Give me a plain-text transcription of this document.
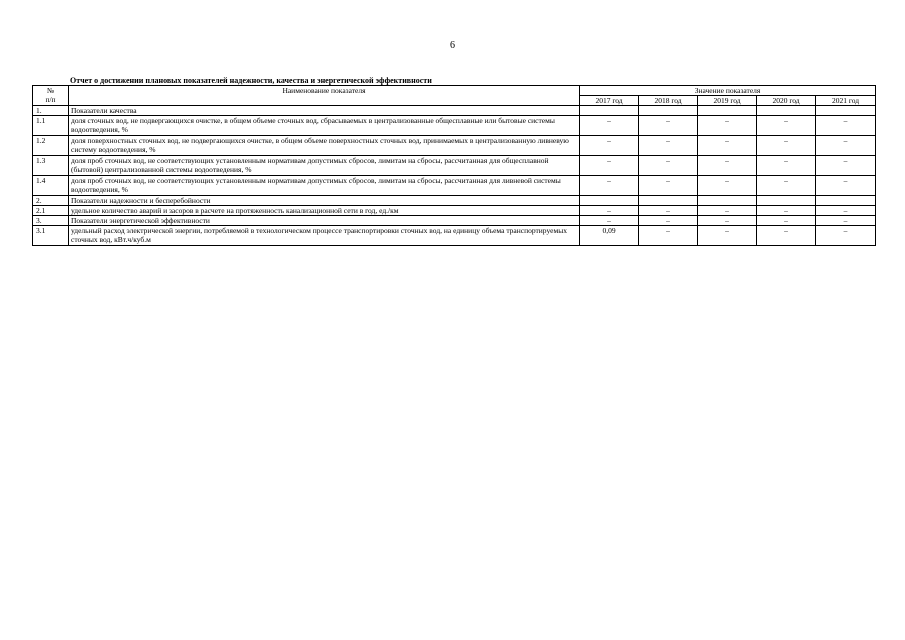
6
Отчет о достижении плановых показателей надежности, качества и энергетической эффективности
№
п/п	Наименование показателя	Значение показателя				
		2017 год	2018 год	2019 год	2020 год	2021 год
1.	Показатели качества					
1.1	доля сточных вод, не подвергающихся очистке, в общем объеме сточных вод, сбрасываемых в централизованные общесплавные или бытовые системы водоотведения, %	–	–	–	–	–
1.2	доля поверхностных сточных вод, не подвергающихся очистке, в общем объеме поверхностных сточных вод, принимаемых в централизованную ливневую систему водоотведения, %	–	–	–	–	–
1.3	доля проб сточных вод, не соответствующих установленным нормативам допустимых сбросов, лимитам на сбросы, рассчитанная для общесплавной (бытовой) централизованной системы водоотведения, %	–	–	–	–	–
1.4	доля проб сточных вод, не соответствующих установленным нормативам допустимых сбросов, лимитам на сбросы, рассчитанная для ливневой системы водоотведения, %	–	–	–	–	–
2.	Показатели надежности и бесперебойности					
2.1	удельное количество аварий и засоров в расчете на протяженность канализационной сети в год, ед./км	–	–	–	–	–
3.	Показатели энергетической эффективности	–	–	–	–	–
3.1	удельный расход электрической энергии, потребляемой в технологическом процессе транспортировки сточных вод, на единицу объема транспортируемых сточных вод, кВт.ч/куб.м	0,09	–	–	–	–
